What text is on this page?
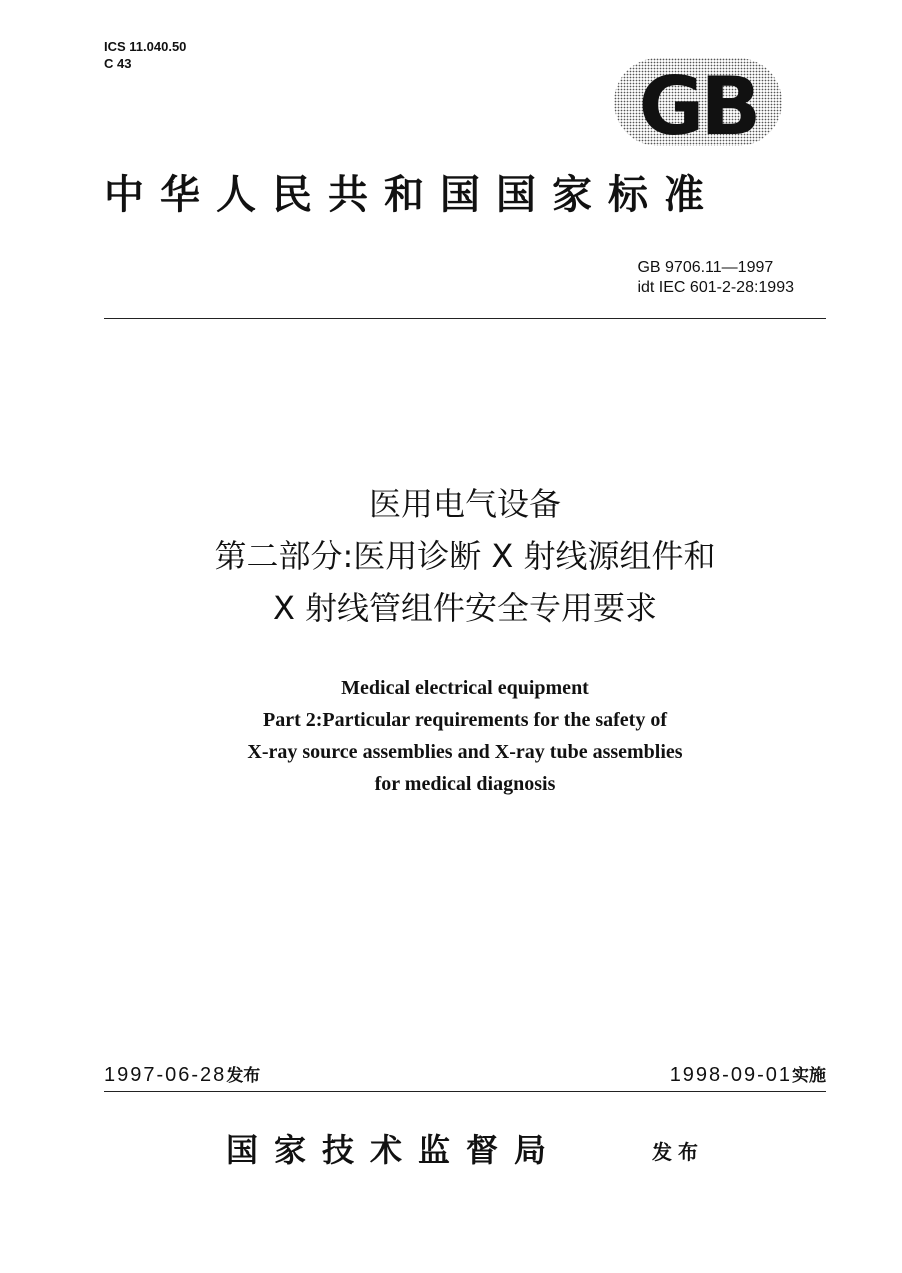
ICS 11.040.50
C 43	GB
中华人民共和国国家标准
GB 9706.11—1997
idt IEC 601-2-28:1993
医用电气设备
第二部分:医用诊断 X 射线源组件和
X 射线管组件安全专用要求
Medical electrical equipment
Part 2:Particular requirements for the safety of
X-ray source assemblies and X-ray tube assemblies
for medical diagnosis
1997-06-28发布	1998-09-01实施
国家技术监督局	发布
